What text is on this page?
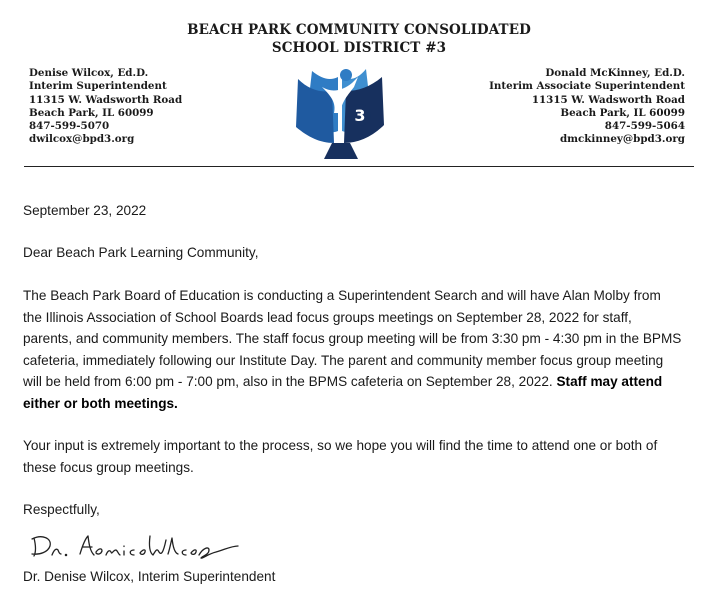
BEACH PARK COMMUNITY CONSOLIDATED
SCHOOL DISTRICT #3
Denise Wilcox, Ed.D.
Interim Superintendent
11315 W. Wadsworth Road
Beach Park, IL 60099
847-599-5070
dwilcox@bpd3.org
3
Donald McKinney, Ed.D.
Interim Associate Superintendent
11315 W. Wadsworth Road
Beach Park, IL 60099
847-599-5064
dmckinney@bpd3.org
September 23, 2022
Dear Beach Park Learning Community,
The Beach Park Board of Education is conducting a Superintendent Search and will have Alan Molby from the Illinois Association of School Boards lead focus groups meetings on September 28, 2022 for staff, parents, and community members. The staff focus group meeting will be from 3:30 pm - 4:30 pm in the BPMS cafeteria, immediately following our Institute Day. The parent and community member focus group meeting will be held from 6:00 pm - 7:00 pm, also in the BPMS cafeteria on September 28, 2022. Staff may attend either or both meetings.
Your input is extremely important to the process, so we hope you will find the time to attend one or both of these focus group meetings.
Respectfully,
Dr. Denise Wilcox, Interim Superintendent
